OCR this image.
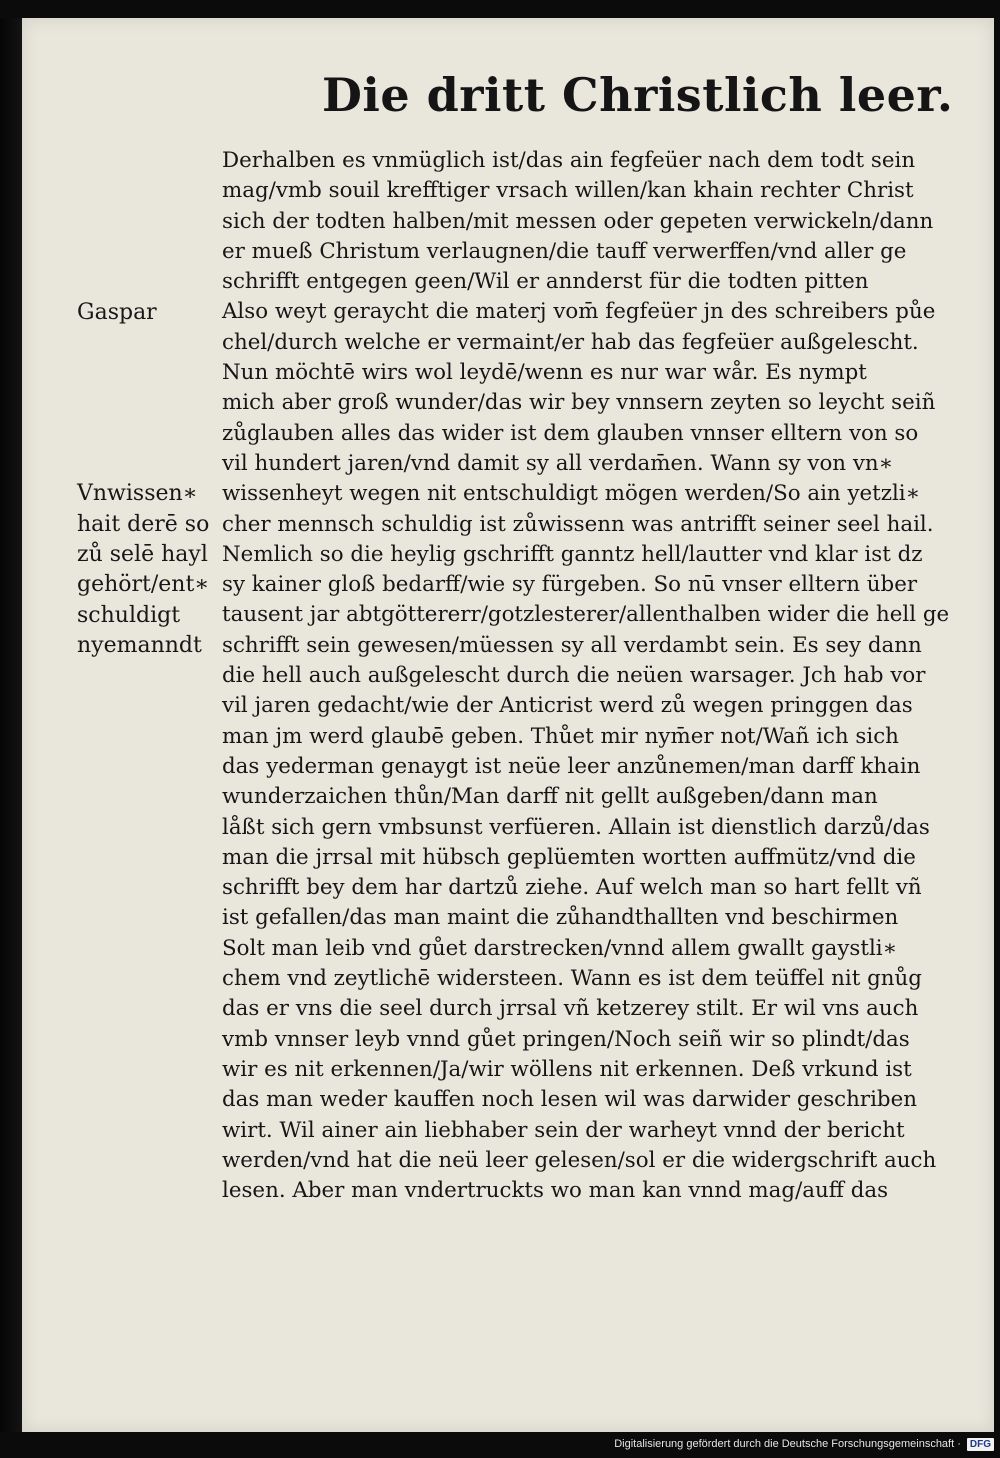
Die dritt Christlich leer.
Gaspar
Vnwissen∗
hait derē so
zů selē hayl
gehört/ent∗
schuldigt
nyemanndt
Derhalben es vnmüglich ist/das ain fegfeüer nach dem todt sein
mag/vmb souil krefftiger vrsach willen/kan khain rechter Christ
sich der todten halben/mit messen oder gepeten verwickeln/dann
er mueß Christum verlaugnen/die tauff verwerffen/vnd aller ge
schrifft entgegen geen/Wil er annderst für die todten pitten
Also weyt geraycht die materj vom̄ fegfeüer jn des schreibers půe
chel/durch welche er vermaint/er hab das fegfeüer außgelescht.
Nun möchtē wirs wol leydē/wenn es nur war wår. Es nympt
mich aber groß wunder/das wir bey vnnsern zeyten so leycht seiñ
zůglauben alles das wider ist dem glauben vnnser elltern von so
vil hundert jaren/vnd damit sy all verdam̄en. Wann sy von vn∗
wissenheyt wegen nit entschuldigt mögen werden/So ain yetzli∗
cher mennsch schuldig ist zůwissenn was antrifft seiner seel hail.
Nemlich so die heylig gschrifft ganntz hell/lautter vnd klar ist dz
sy kainer gloß bedarff/wie sy fürgeben. So nū vnser elltern über
tausent jar abtgöttererr/gotzlesterer/allenthalben wider die hell ge
schrifft sein gewesen/müessen sy all verdambt sein. Es sey dann
die hell auch außgelescht durch die neüen warsager. Jch hab vor
vil jaren gedacht/wie der Anticrist werd zů wegen pringgen das
man jm werd glaubē geben. Thůet mir nym̄er not/Wañ ich sich
das yederman genaygt ist neüe leer anzůnemen/man darff khain
wunderzaichen thůn/Man darff nit gellt außgeben/dann man
låßt sich gern vmbsunst verfüeren. Allain ist dienstlich darzů/das
man die jrrsal mit hübsch geplüemten wortten auffmütz/vnd die
schrifft bey dem har dartzů ziehe. Auf welch man so hart fellt vñ
ist gefallen/das man maint die zůhandthallten vnd beschirmen
Solt man leib vnd gůet darstrecken/vnnd allem gwallt gaystli∗
chem vnd zeytlichē widersteen. Wann es ist dem teüffel nit gnůg
das er vns die seel durch jrrsal vñ ketzerey stilt. Er wil vns auch
vmb vnnser leyb vnnd gůet pringen/Noch seiñ wir so plindt/das
wir es nit erkennen/Ja/wir wöllens nit erkennen. Deß vrkund ist
das man weder kauffen noch lesen wil was darwider geschriben
wirt. Wil ainer ain liebhaber sein der warheyt vnnd der bericht
werden/vnd hat die neü leer gelesen/sol er die widergschrift auch
lesen. Aber man vndertruckts wo man kan vnnd mag/auff das
Digitalisierung gefördert durch die Deutsche Forschungsgemeinschaft · DFG
